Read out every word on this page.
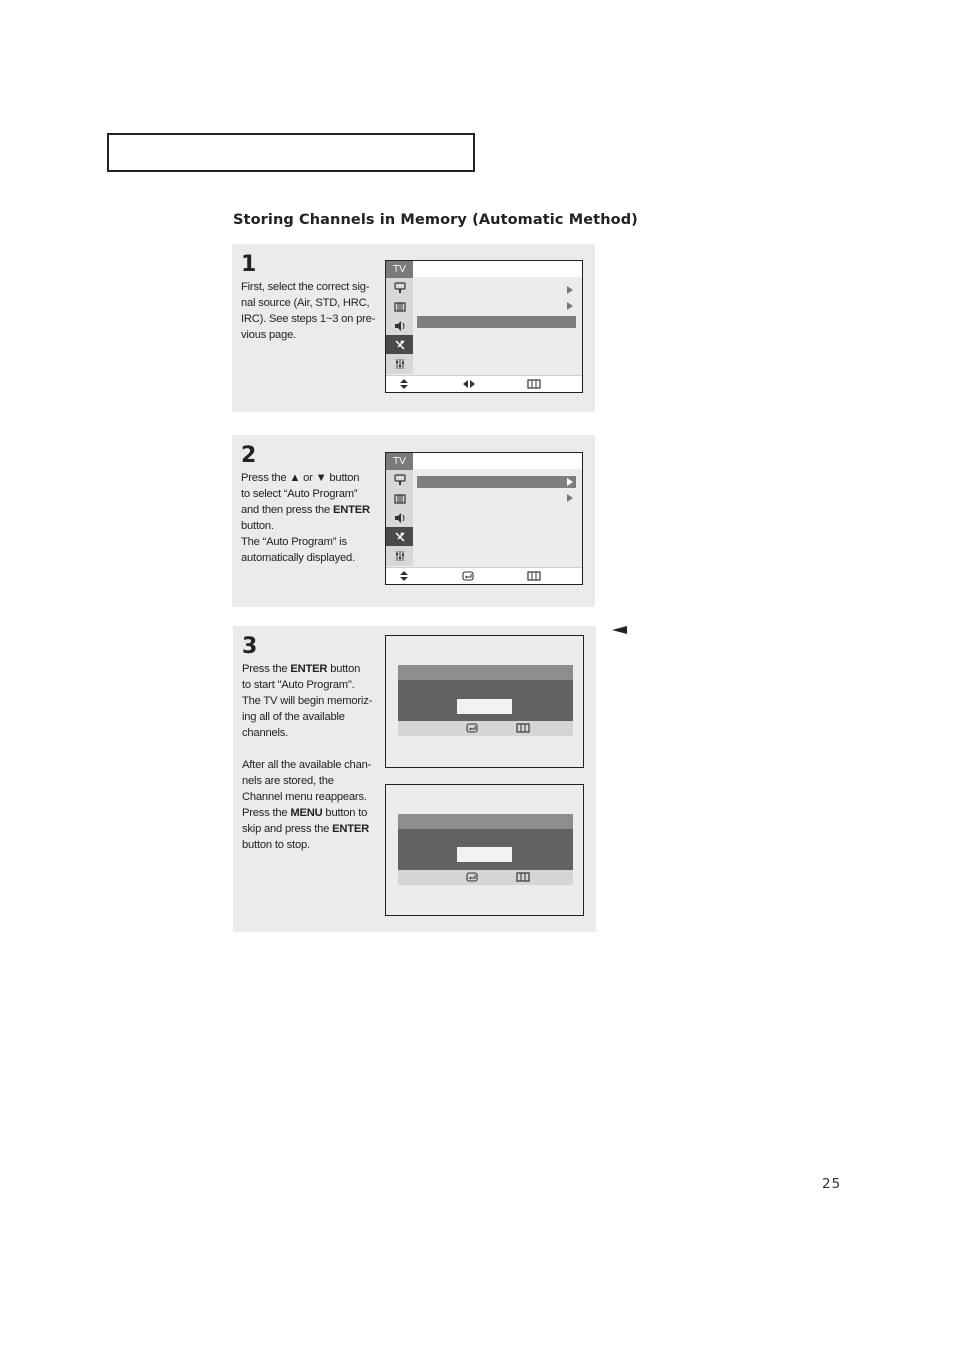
Storing Channels in Memory (Automatic Method)
1
First, select the correct sig-
nal source (Air, STD, HRC,
IRC). See steps 1~3 on pre-
vious page.
TV
2
Press the ▲ or ▼ button
to select “Auto Program”
and then press the ENTER
button.
The “Auto Program” is
automatically displayed.
TV
3
Press the ENTER button
to start "Auto Program".
The TV will begin memoriz-
ing all of the available
channels.
After all the available chan-
nels are stored, the
Channel menu reappears.
Press the MENU button to
skip and press the ENTER
button to stop.
25
